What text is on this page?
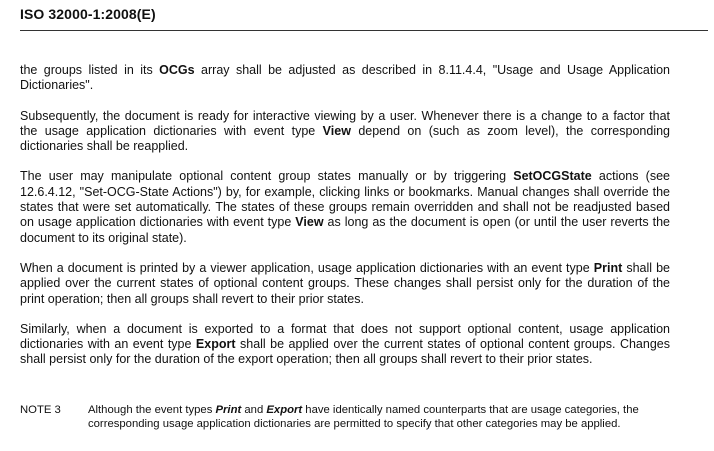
ISO 32000-1:2008(E)

the groups listed in its OCGs array shall be adjusted as described in 8.11.4.4, "Usage and Usage Application Dictionaries".

Subsequently, the document is ready for interactive viewing by a user. Whenever there is a change to a factor that the usage application dictionaries with event type View depend on (such as zoom level), the corresponding dictionaries shall be reapplied.

The user may manipulate optional content group states manually or by triggering SetOCGState actions (see 12.6.4.12, "Set-OCG-State Actions") by, for example, clicking links or bookmarks. Manual changes shall override the states that were set automatically. The states of these groups remain overridden and shall not be readjusted based on usage application dictionaries with event type View as long as the document is open (or until the user reverts the document to its original state).

When a document is printed by a viewer application, usage application dictionaries with an event type Print shall be applied over the current states of optional content groups. These changes shall persist only for the duration of the print operation; then all groups shall revert to their prior states.

Similarly, when a document is exported to a format that does not support optional content, usage application dictionaries with an event type Export shall be applied over the current states of optional content groups. Changes shall persist only for the duration of the export operation; then all groups shall revert to their prior states.

NOTE 3	Although the event types Print and Export have identically named counterparts that are usage categories, the corresponding usage application dictionaries are permitted to specify that other categories may be applied.
